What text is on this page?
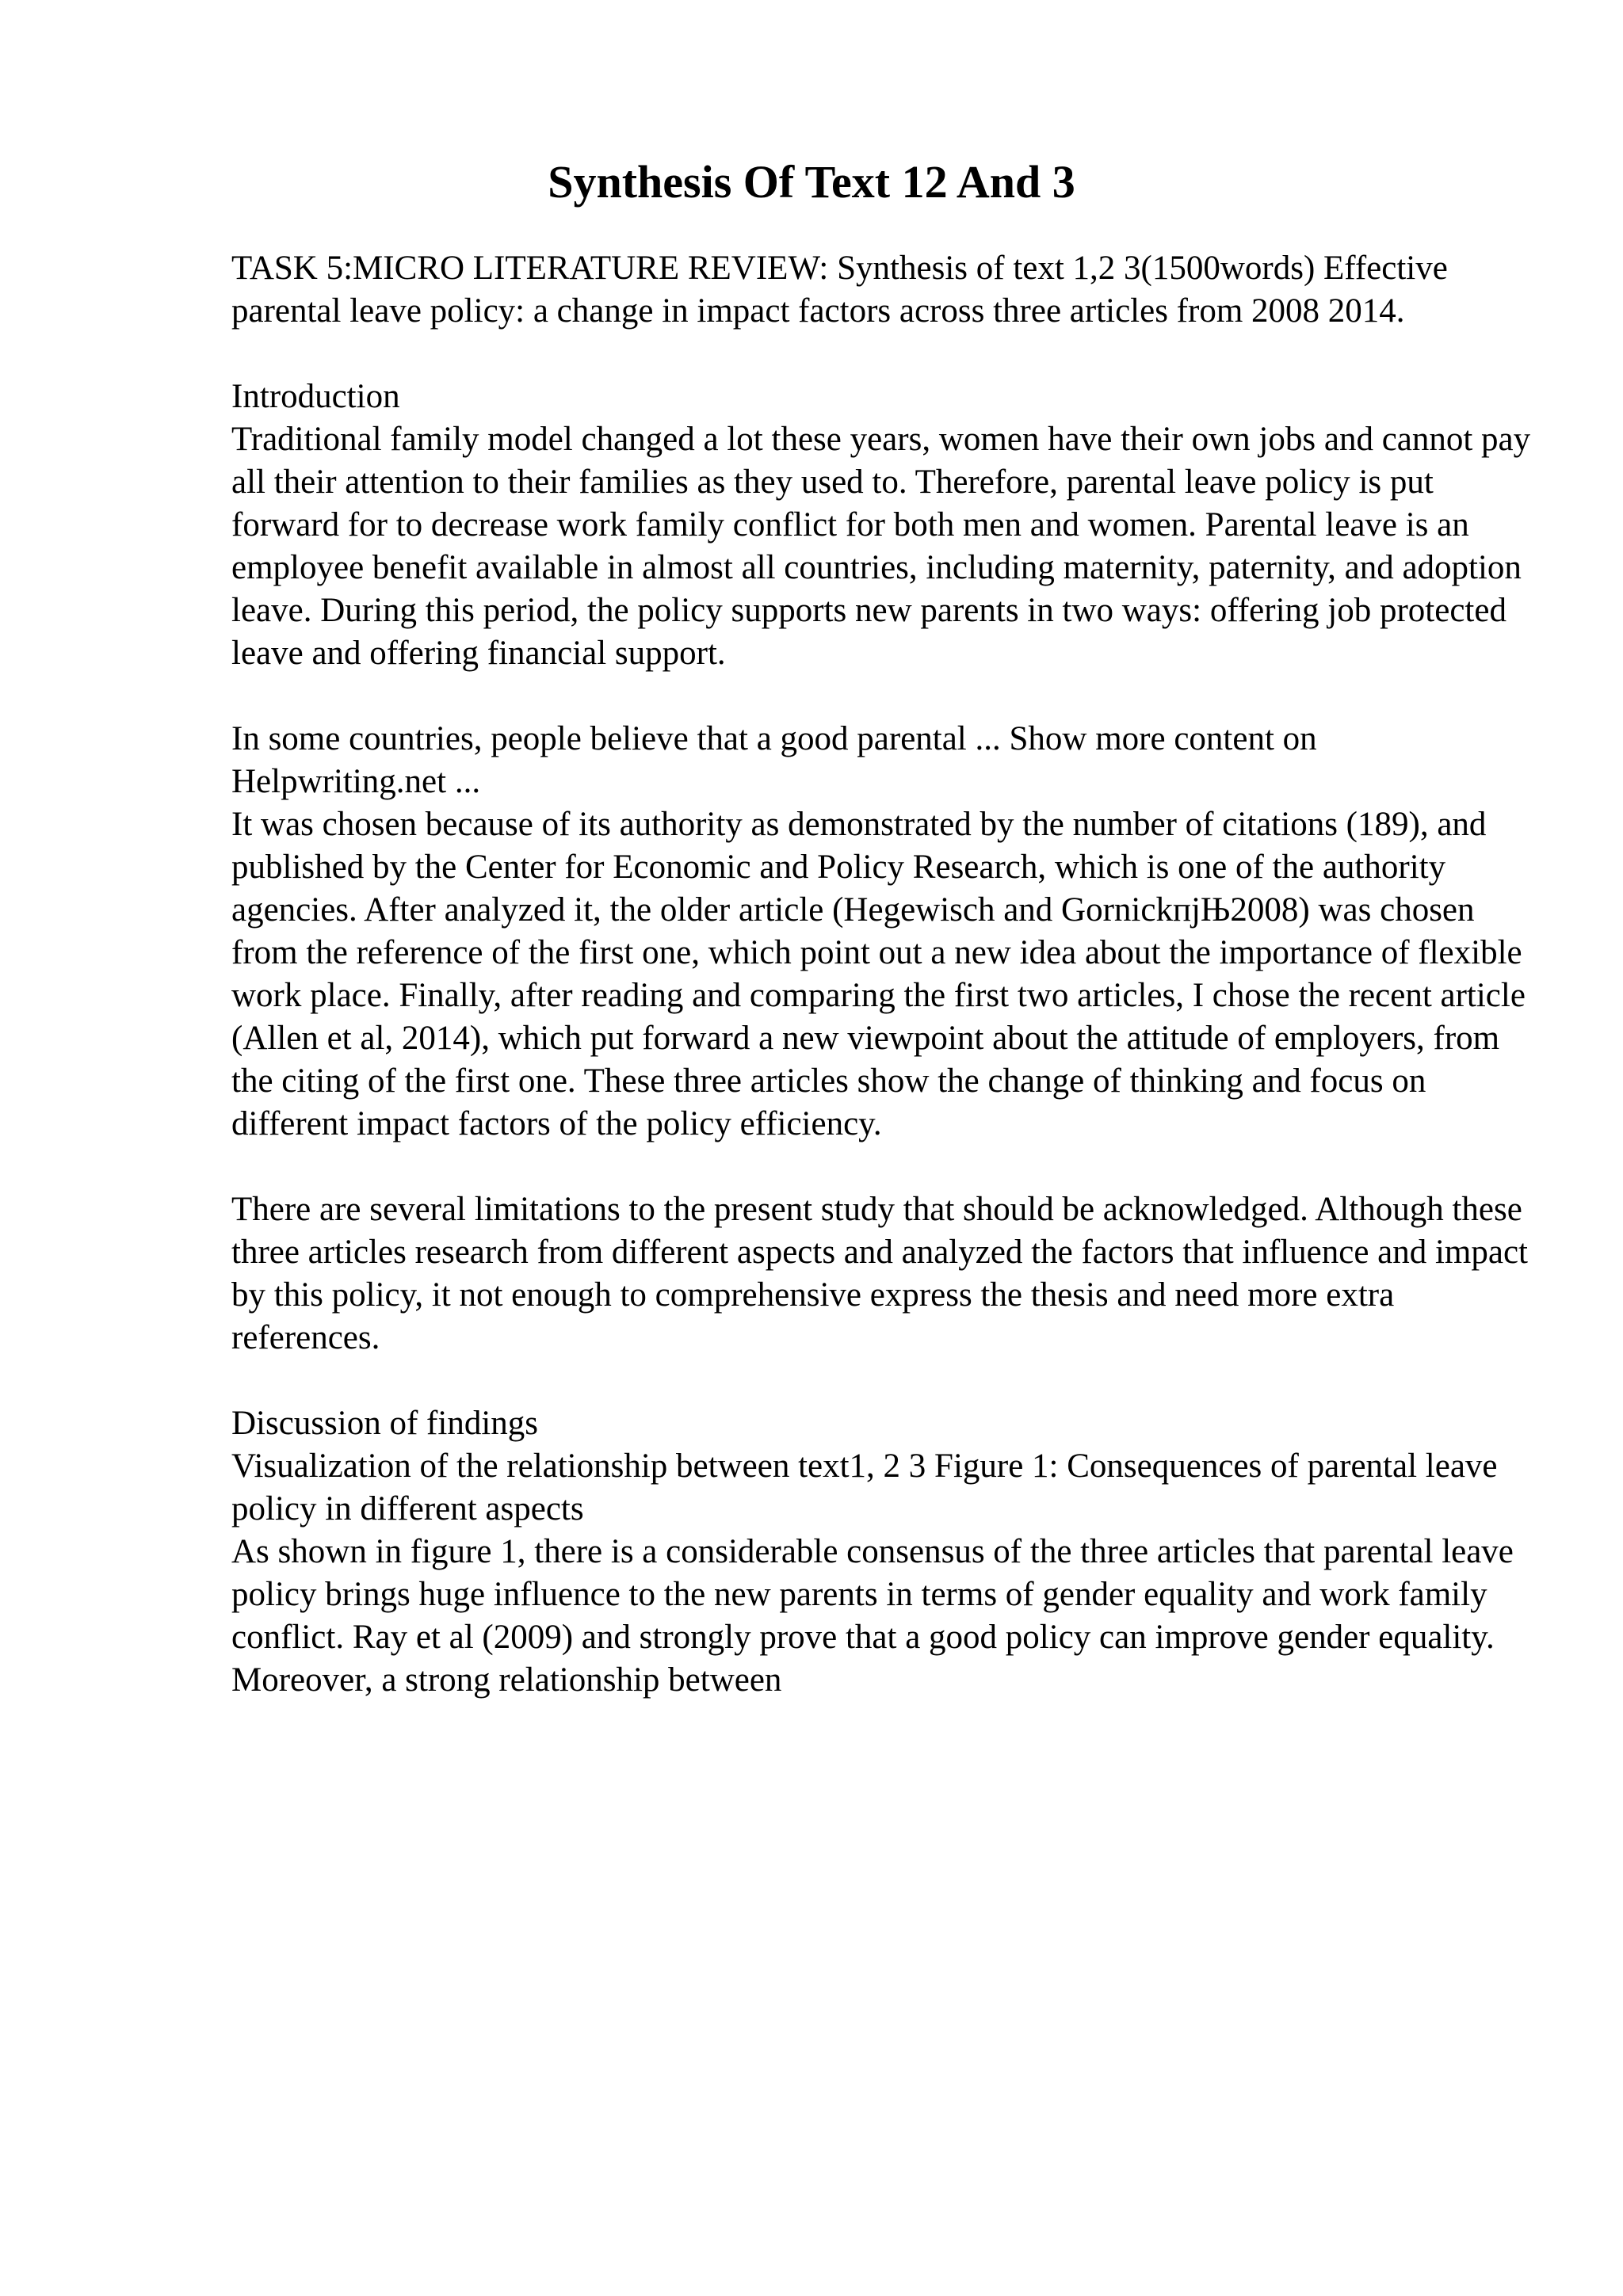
Synthesis Of Text 12 And 3

TASK 5:MICRO LITERATURE REVIEW: Synthesis of text 1,2 3(1500words) Effective parental leave policy: a change in impact factors across three articles from 2008 2014.

Introduction

Traditional family model changed a lot these years, women have their own jobs and cannot pay all their attention to their families as they used to. Therefore, parental leave policy is put forward for to decrease work family conflict for both men and women. Parental leave is an employee benefit available in almost all countries, including maternity, paternity, and adoption leave. During this period, the policy supports new parents in two ways: offering job protected leave and offering financial support.

In some countries, people believe that a good parental ... Show more content on Helpwriting.net ...

It was chosen because of its authority as demonstrated by the number of citations (189), and published by the Center for Economic and Policy Research, which is one of the authority agencies. After analyzed it, the older article (Hegewisch and GornickпјЊ2008) was chosen from the reference of the first one, which point out a new idea about the importance of flexible work place. Finally, after reading and comparing the first two articles, I chose the recent article (Allen et al, 2014), which put forward a new viewpoint about the attitude of employers, from the citing of the first one. These three articles show the change of thinking and focus on different impact factors of the policy efficiency.

There are several limitations to the present study that should be acknowledged. Although these three articles research from different aspects and analyzed the factors that influence and impact by this policy, it not enough to comprehensive express the thesis and need more extra references.

Discussion of findings

Visualization of the relationship between text1, 2 3 Figure 1: Consequences of parental leave policy in different aspects

As shown in figure 1, there is a considerable consensus of the three articles that parental leave policy brings huge influence to the new parents in terms of gender equality and work family conflict. Ray et al (2009) and strongly prove that a good policy can improve gender equality. Moreover, a strong relationship between
